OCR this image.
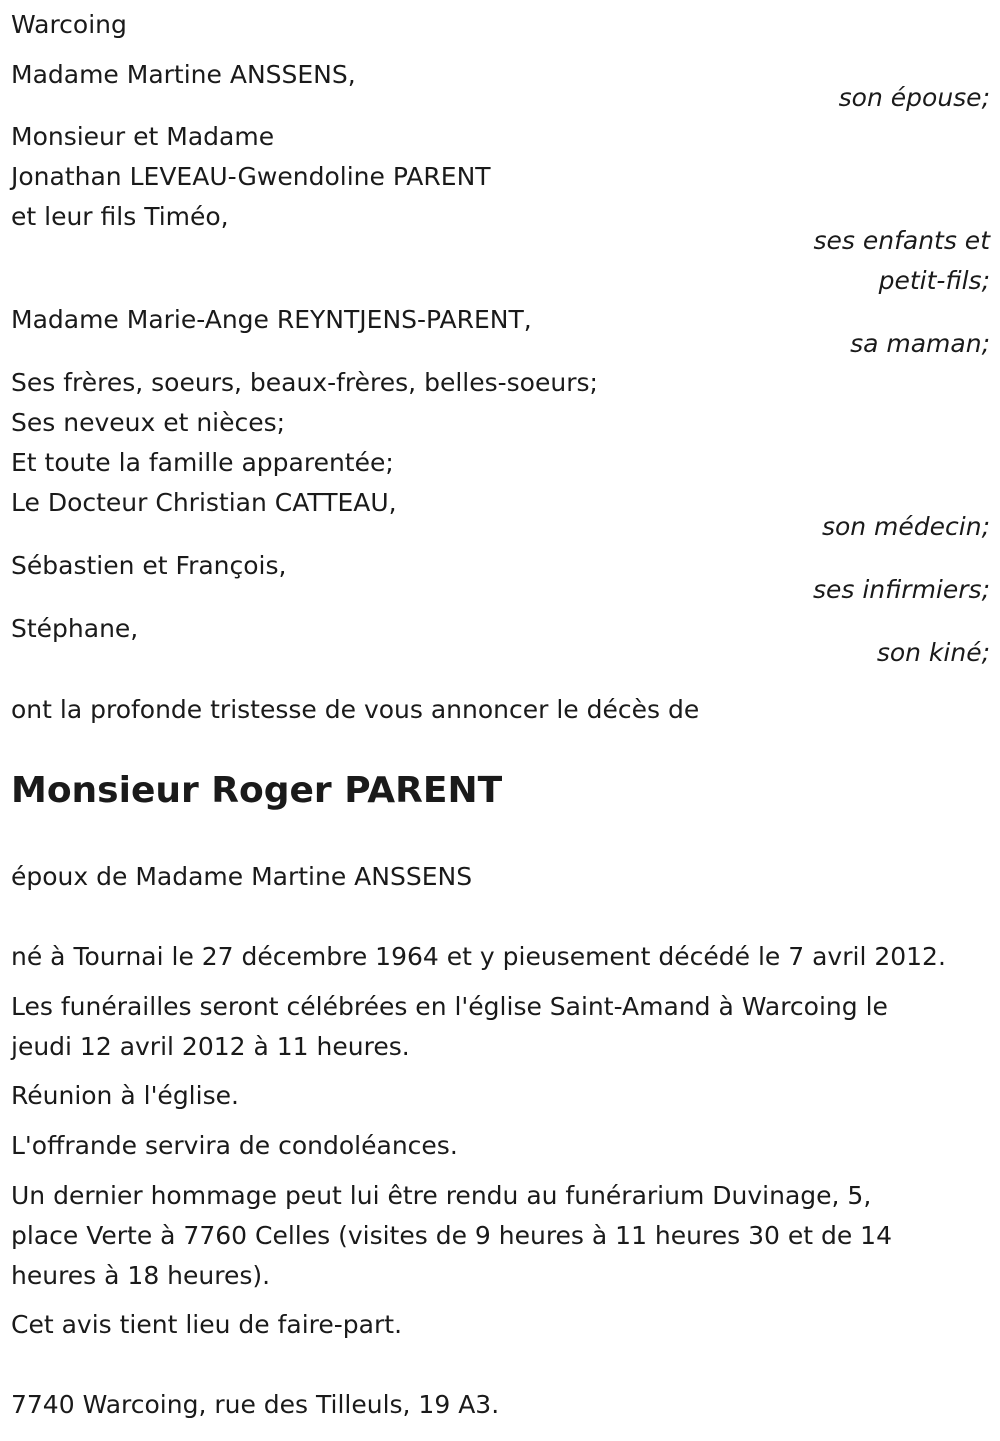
Warcoing
Madame Martine ANSSENS,
son épouse;
Monsieur et Madame
Jonathan LEVEAU-Gwendoline PARENT
et leur fils Timéo,
ses enfants et
petit-fils;
Madame Marie-Ange REYNTJENS-PARENT,
sa maman;
Ses frères, soeurs, beaux-frères, belles-soeurs;
Ses neveux et nièces;
Et toute la famille apparentée;
Le Docteur Christian CATTEAU,
son médecin;
Sébastien et François,
ses infirmiers;
Stéphane,
son kiné;
ont la profonde tristesse de vous annoncer le décès de
Monsieur Roger PARENT
époux de Madame Martine ANSSENS
né à Tournai le 27 décembre 1964 et y pieusement décédé le 7 avril 2012.
Les funérailles seront célébrées en l'église Saint-Amand à Warcoing le
jeudi 12 avril 2012 à 11 heures.
Réunion à l'église.
L'offrande servira de condoléances.
Un dernier hommage peut lui être rendu au funérarium Duvinage, 5,
place Verte à 7760 Celles (visites de 9 heures à 11 heures 30 et de 14
heures à 18 heures).
Cet avis tient lieu de faire-part.
7740 Warcoing, rue des Tilleuls, 19 A3.
